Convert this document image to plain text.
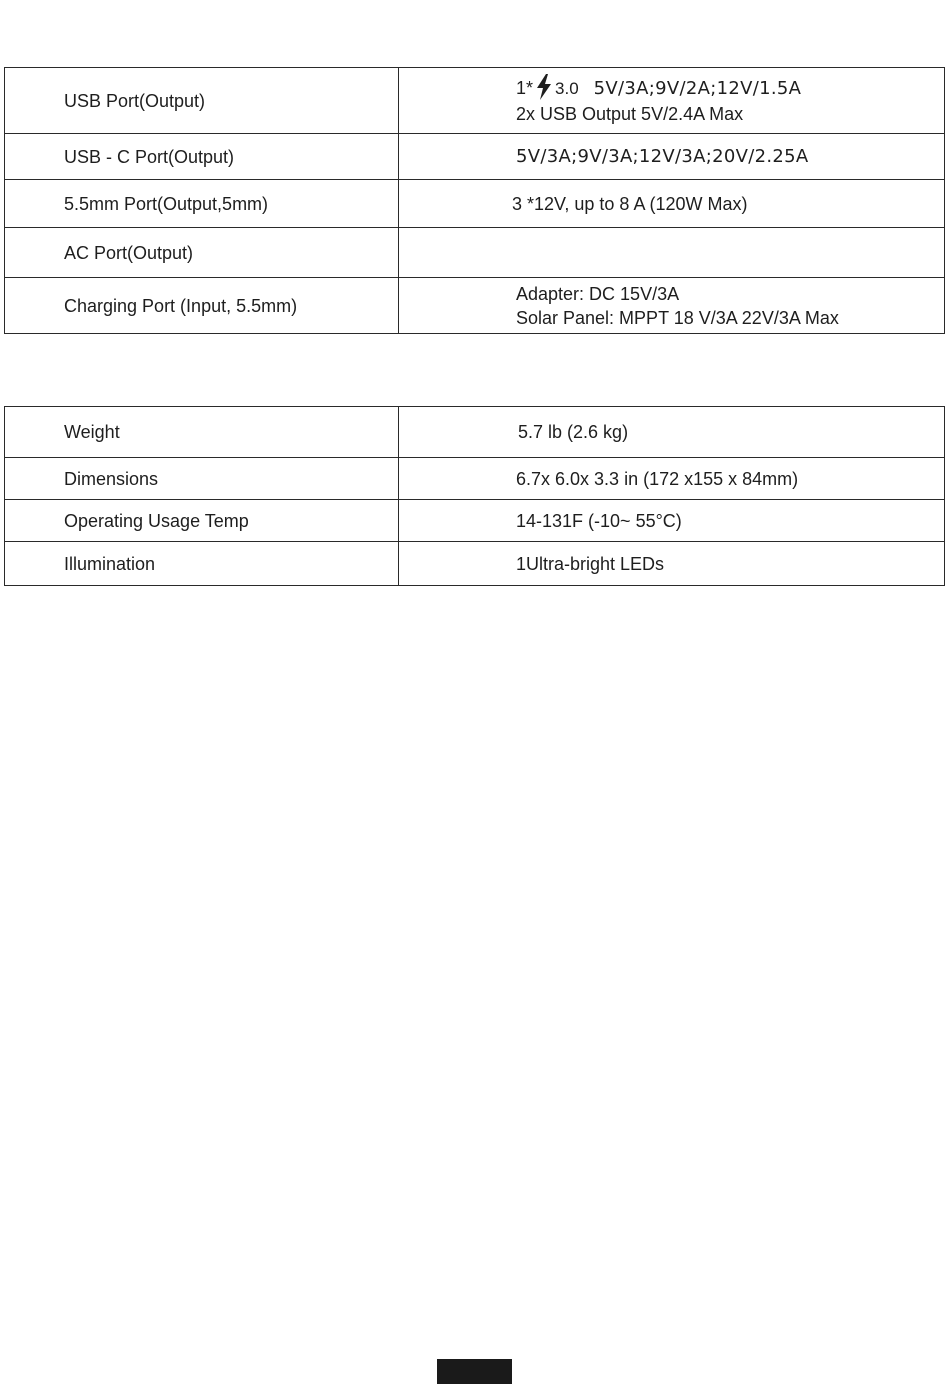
USB Port(Output)	1* 3.0 5V/3A;9V/2A;12V/1.5A
2x USB Output 5V/2.4A Max

USB - C Port(Output)	5V/3A;9V/3A;12V/3A;20V/2.25A
5.5mm Port(Output,5mm)	3 *12V, up to 8 A (120W Max)
AC Port(Output)	
Charging Port (Input, 5.5mm)	Adapter: DC 15V/3A
Solar Panel: MPPT 18 V/3A 22V/3A Max
Weight	5.7 lb (2.6 kg)
Dimensions	6.7x 6.0x 3.3 in (172 x155 x 84mm)
Operating Usage Temp	14-131F (-10~ 55°C)
Illumination	1Ultra-bright LEDs
